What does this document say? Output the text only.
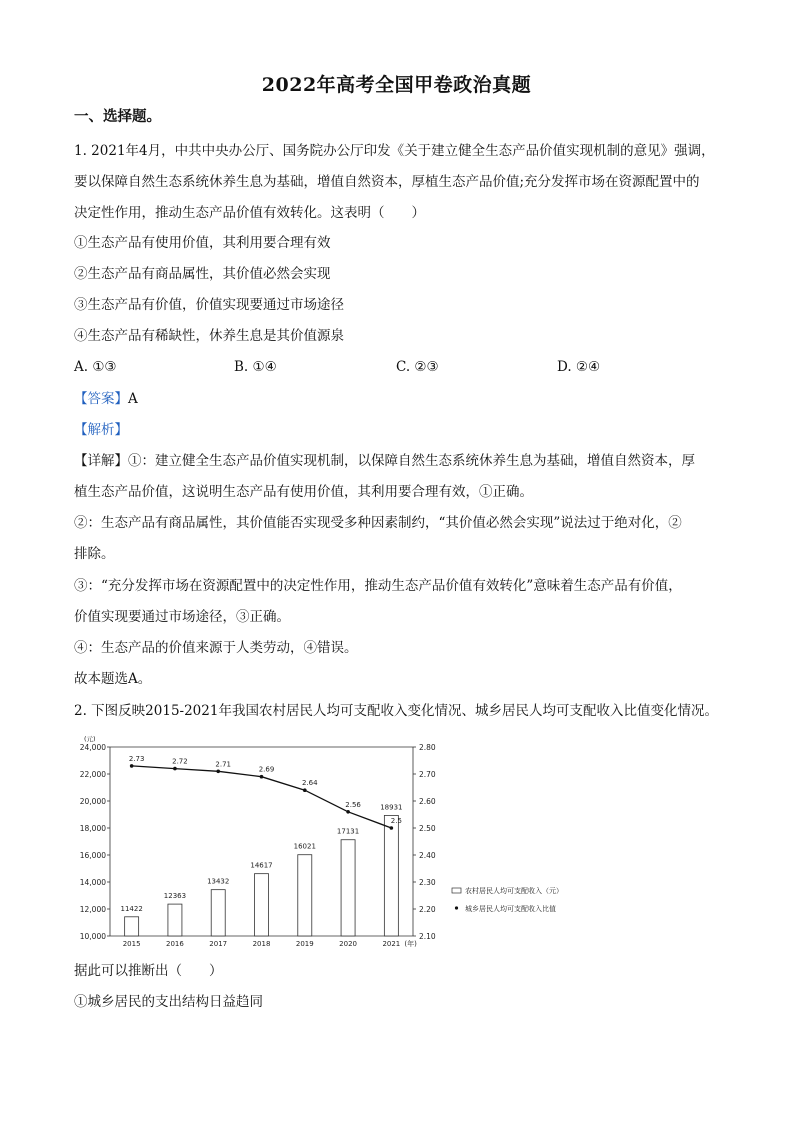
2022年高考全国甲卷政治真题
一、选择题。
1. 2021年4月，中共中央办公厅、国务院办公厅印发《关于建立健全生态产品价值实现机制的意见》强调，
要以保障自然生态系统休养生息为基础，增值自然资本，厚植生态产品价值;充分发挥市场在资源配置中的
决定性作用，推动生态产品价值有效转化。这表明（　　）
①生态产品有使用价值，其利用要合理有效
②生态产品有商品属性，其价值必然会实现
③生态产品有价值，价值实现要通过市场途径
④生态产品有稀缺性，休养生息是其价值源泉
A. ①③	B. ①④	C. ②③	D. ②④
【答案】A
【解析】
【详解】①：建立健全生态产品价值实现机制，以保障自然生态系统休养生息为基础，增值自然资本，厚
植生态产品价值，这说明生态产品有使用价值，其利用要合理有效，①正确。
②：生态产品有商品属性，其价值能否实现受多种因素制约，“其价值必然会实现”说法过于绝对化，②
排除。
③：“充分发挥市场在资源配置中的决定性作用，推动生态产品价值有效转化”意味着生态产品有价值，
价值实现要通过市场途径，③正确。
④：生态产品的价值来源于人类劳动，④错误。
故本题选A。
2. 下图反映2015-2021年我国农村居民人均可支配收入变化情况、城乡居民人均可支配收入比值变化情况。
24,000
22,000
20,000
18,000
16,000
14,000
12,000
10,000
(元)
2.80
2.70
2.60
2.50
2.40
2.30
2.20
2.10
11422
12363
13432
14617
16021
17131
18931
2015	2016	2017	2018	2019	2020	2021 (年)
2.73	2.72	2.71
2.69
2.64
2.56
2.5
农村居民人均可支配收入（元）
城乡居民人均可支配收入比值
据此可以推断出（　　）
①城乡居民的支出结构日益趋同
